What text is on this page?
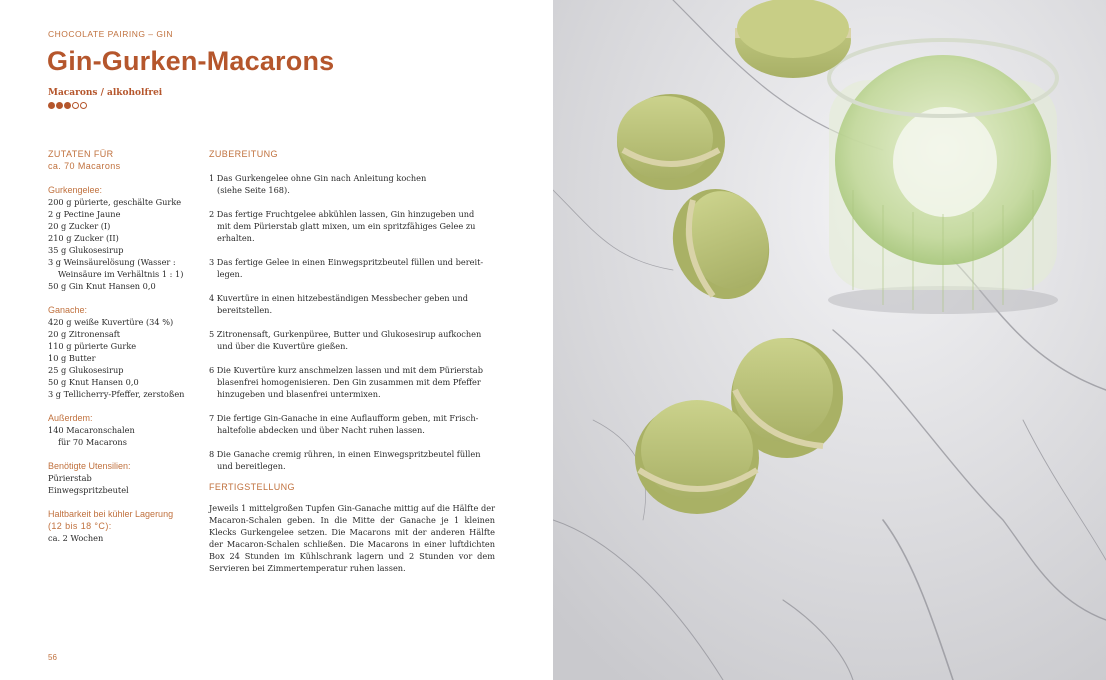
CHOCOLATE PAIRING – GIN
Gin-Gurken-Macarons
Macarons / alkoholfrei
ZUTATEN FÜR
ca. 70 Macarons
Gurkengelee:
200 g pürierte, geschälte Gurke
2 g Pectine Jaune
20 g Zucker (I)
210 g Zucker (II)
35 g Glukosesirup
3 g Weinsäurelösung (Wasser :
Weinsäure im Verhältnis 1 : 1)
50 g Gin Knut Hansen 0,0
Ganache:
420 g weiße Kuvertüre (34 %)
20 g Zitronensaft
110 g pürierte Gurke
10 g Butter
25 g Glukosesirup
50 g Knut Hansen 0,0
3 g Tellicherry-Pfeffer, zerstoßen
Außerdem:
140 Macaronschalen
für 70 Macarons
Benötigte Utensilien:
Pürierstab
Einwegspritzbeutel
Haltbarkeit bei kühler Lagerung
(12 bis 18 °C):
ca. 2 Wochen
ZUBEREITUNG
1 Das Gurkengelee ohne Gin nach Anleitung kochen
(siehe Seite 168).
2 Das fertige Fruchtgelee abkühlen lassen, Gin hinzugeben und
mit dem Pürierstab glatt mixen, um ein spritzfähiges Gelee zu
erhalten.
3 Das fertige Gelee in einen Einwegspritzbeutel füllen und bereit-
legen.
4 Kuvertüre in einen hitzebeständigen Messbecher geben und
bereitstellen.
5 Zitronensaft, Gurkenpüree, Butter und Glukosesirup aufkochen
und über die Kuvertüre gießen.
6 Die Kuvertüre kurz anschmelzen lassen und mit dem Pürierstab
blasenfrei homogenisieren. Den Gin zusammen mit dem Pfeffer
hinzugeben und blasenfrei untermixen.
7 Die fertige Gin-Ganache in eine Auflaufform geben, mit Frisch-
haltefolie abdecken und über Nacht ruhen lassen.
8 Die Ganache cremig rühren, in einen Einwegspritzbeutel füllen
und bereitlegen.
FERTIGSTELLUNG
Jeweils 1 mittelgroßen Tupfen Gin-Ganache mittig auf die Hälfte der Macaron-Schalen geben. In die Mitte der Ganache je 1 kleinen Klecks Gurkengelee setzen. Die Macarons mit der anderen Hälfte der Macaron-Schalen schließen. Die Macarons in einer luftdichten Box 24 Stunden im Kühlschrank lagern und 2 Stunden vor dem Servieren bei Zimmertemperatur ruhen lassen.
56
